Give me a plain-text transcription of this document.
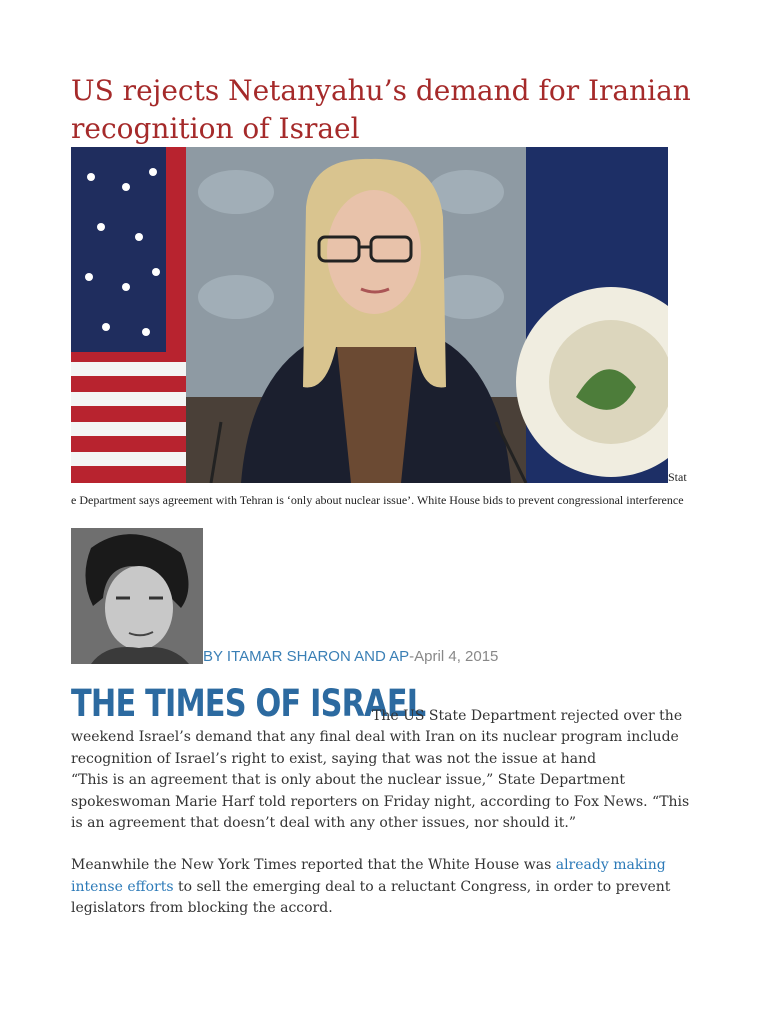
US rejects Netanyahu’s demand for Iranian recognition of Israel
Stat
e Department says agreement with Tehran is ‘only about nuclear issue’. White House bids to prevent congressional interference
BY ITAMAR SHARON AND AP-April 4, 2015
THE TIMES OF ISRAEL
The US State Department rejected over the

weekend Israel’s demand that any final deal with Iran on its nuclear program include recognition of Israel’s right to exist, saying that was not the issue at hand

“This is an agreement that is only about the nuclear issue,” State Department spokeswoman Marie Harf told reporters on Friday night, according to Fox News. “This is an agreement that doesn’t deal with any other issues, nor should it.”

Meanwhile the New York Times reported that the White House was already making intense efforts to sell the emerging deal to a reluctant Congress, in order to prevent legislators from blocking the accord.
